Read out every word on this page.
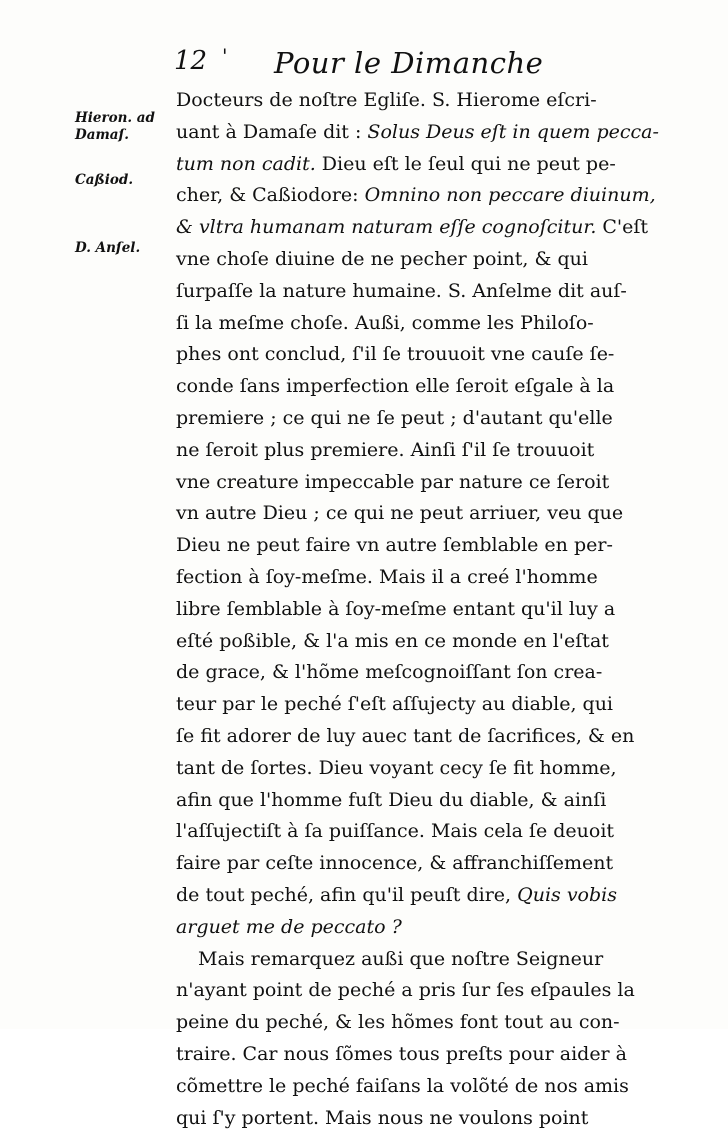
12 ' Pour le Dimanche
Hieron. ad
Damaſ.
Caßiod.
D. Anſel.
Docteurs de noſtre Egliſe. S. Hierome eſcri-
uant à Damaſe dit : Solus Deus eſt in quem pecca-
tum non cadit. Dieu eſt le ſeul qui ne peut pe-
cher, & Caßiodore: Omnino non peccare diuinum,
& vltra humanam naturam eſſe cognoſcitur. C'eſt
vne choſe diuine de ne pecher point, & qui
ſurpaſſe la nature humaine. S. Anſelme dit auſ-
ſi la meſme choſe. Außi, comme les Philoſo-
phes ont conclud, ſ'il ſe trouuoit vne cauſe ſe-
conde ſans imperfection elle ſeroit eſgale à la
premiere ; ce qui ne ſe peut ; d'autant qu'elle
ne ſeroit plus premiere. Ainſi ſ'il ſe trouuoit
vne creature impeccable par nature ce ſeroit
vn autre Dieu ; ce qui ne peut arriuer, veu que
Dieu ne peut faire vn autre ſemblable en per-
fection à ſoy-meſme. Mais il a creé l'homme
libre ſemblable à ſoy-meſme entant qu'il luy a
eſté poßible, & l'a mis en ce monde en l'eſtat
de grace, & l'hõme meſcognoiſſant ſon crea-
teur par le peché ſ'eſt aſſujecty au diable, qui
ſe fit adorer de luy auec tant de ſacrifices, & en
tant de ſortes. Dieu voyant cecy ſe fit homme,
afin que l'homme fuſt Dieu du diable, & ainſi
l'aſſujectiſt à ſa puiſſance. Mais cela ſe deuoit
faire par ceſte innocence, & affranchiſſement
de tout peché, afin qu'il peuſt dire, Quis vobis
arguet me de peccato ?
Mais remarquez außi que noſtre Seigneur
n'ayant point de peché a pris ſur ſes eſpaules la
peine du peché, & les hõmes font tout au con-
traire. Car nous ſõmes tous preſts pour aider à
cõmettre le peché faiſans la volõté de nos amis
qui ſ'y portent. Mais nous ne voulons point
